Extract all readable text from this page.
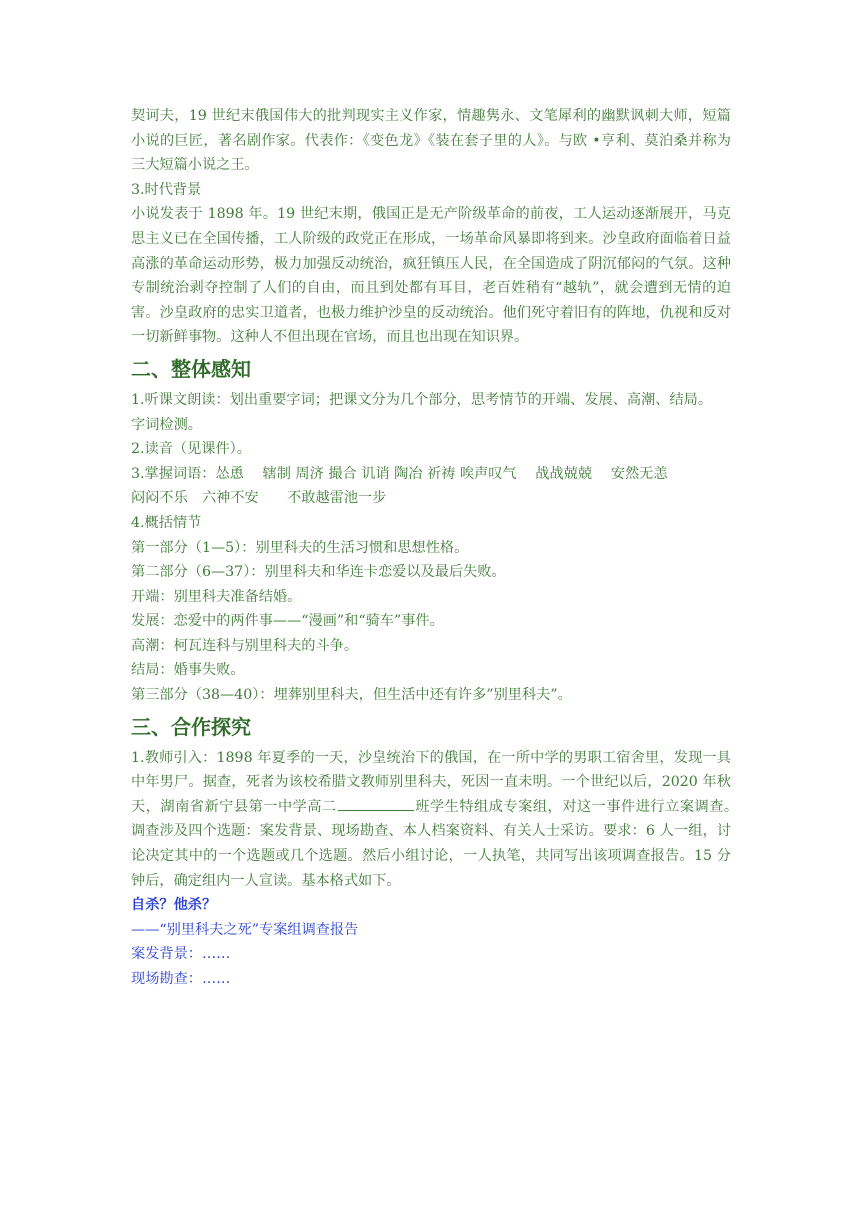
契诃夫，19 世纪末俄国伟大的批判现实主义作家，情趣隽永、文笔犀利的幽默讽刺大师，短篇小说的巨匠，著名剧作家。代表作：《变色龙》《装在套子里的人》。与欧 •亨利、莫泊桑并称为三大短篇小说之王。

3.时代背景

小说发表于 1898 年。19 世纪末期，俄国正是无产阶级革命的前夜，工人运动逐渐展开，马克思主义已在全国传播，工人阶级的政党正在形成，一场革命风暴即将到来。沙皇政府面临着日益高涨的革命运动形势，极力加强反动统治，疯狂镇压人民，在全国造成了阴沉郁闷的气氛。这种专制统治剥夺控制了人们的自由，而且到处都有耳目，老百姓稍有“越轨”，就会遭到无情的迫害。沙皇政府的忠实卫道者，也极力维护沙皇的反动统治。他们死守着旧有的阵地，仇视和反对一切新鲜事物。这种人不但出现在官场，而且也出现在知识界。

二、整体感知

1.听课文朗读：划出重要字词；把课文分为几个部分，思考情节的开端、发展、高潮、结局。

字词检测。

2.读音（见课件）。

3.掌握词语：怂恿　 辖制 周济 撮合 讥诮 陶冶 祈祷 唉声叹气　 战战兢兢　 安然无恙

闷闷不乐　六神不安　　不敢越雷池一步

4.概括情节

第一部分（1—5）：别里科夫的生活习惯和思想性格。

第二部分（6—37）：别里科夫和华连卡恋爱以及最后失败。

开端：别里科夫准备结婚。

发展：恋爱中的两件事——“漫画”和“骑车”事件。

高潮：柯瓦连科与别里科夫的斗争。

结局：婚事失败。

第三部分（38—40）：埋葬别里科夫，但生活中还有许多”别里科夫”。

三、合作探究

1.教师引入：1898 年夏季的一天，沙皇统治下的俄国，在一所中学的男职工宿舍里，发现一具中年男尸。据查，死者为该校希腊文教师别里科夫，死因一直未明。一个世纪以后，2020 年秋天，湖南省新宁县第一中学高二	班学生特组成专案组，对这一事件进行立案调查。　调查涉及四个选题：案发背景、现场勘查、本人档案资料、有关人士采访。要求：6 人一组，讨论决定其中的一个选题或几个选题。然后小组讨论，一人执笔，共同写出该项调查报告。15 分钟后，确定组内一人宣读。基本格式如下。

自杀？他杀？

——“别里科夫之死”专案组调查报告

案发背景：……

现场勘查：……
